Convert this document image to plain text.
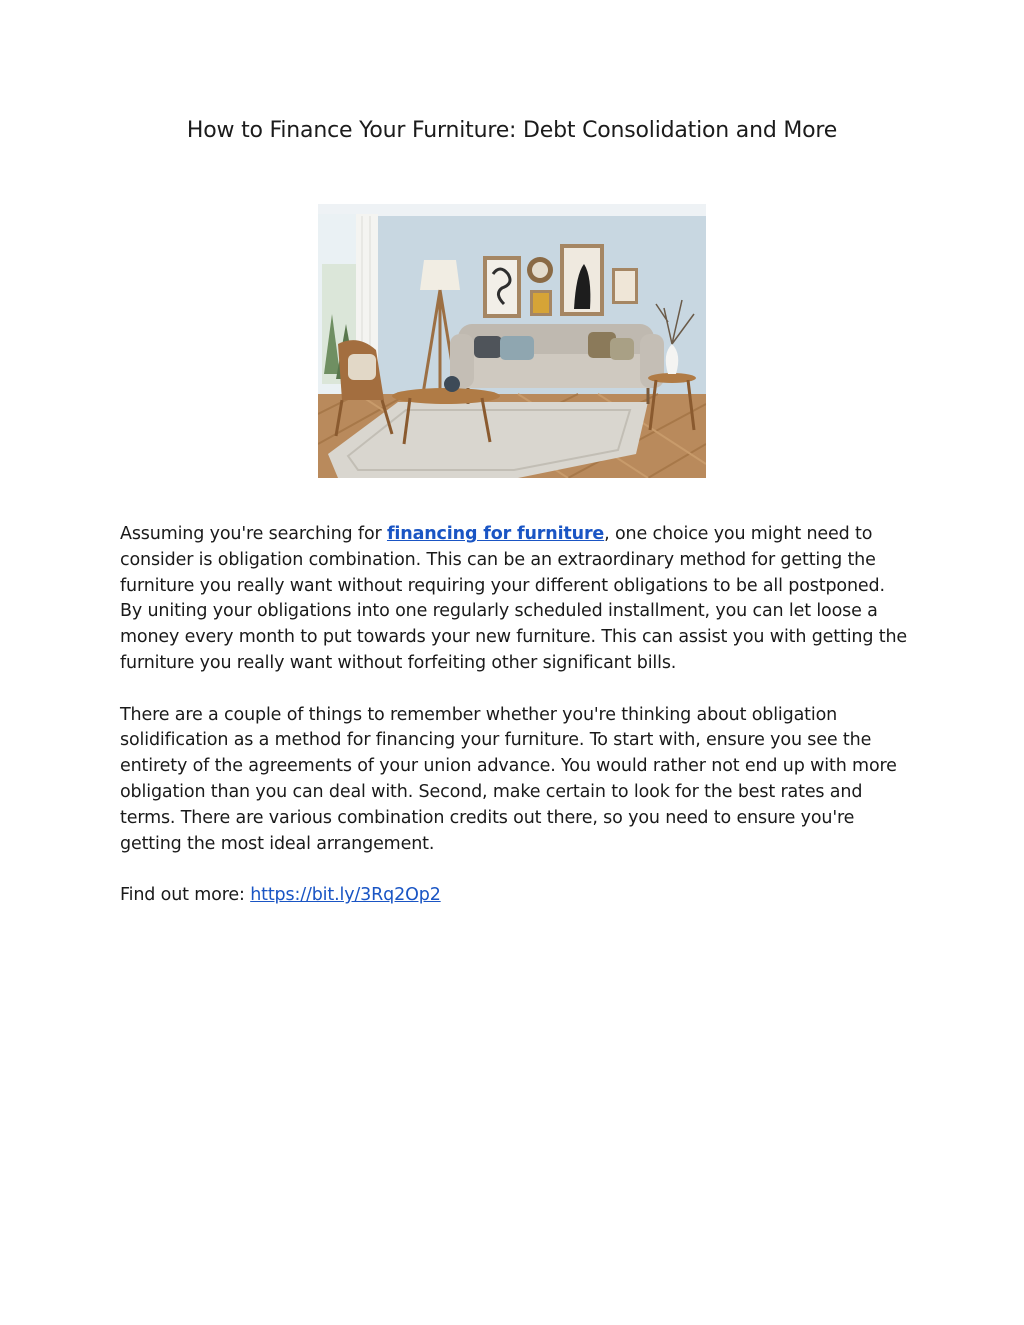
How to Finance Your Furniture: Debt Consolidation and More

Assuming you're searching for financing for furniture, one choice you might need to consider is obligation combination. This can be an extraordinary method for getting the furniture you really want without requiring your different obligations to be all postponed. By uniting your obligations into one regularly scheduled installment, you can let loose a money every month to put towards your new furniture. This can assist you with getting the furniture you really want without forfeiting other significant bills.

There are a couple of things to remember whether you're thinking about obligation solidification as a method for financing your furniture. To start with, ensure you see the entirety of the agreements of your union advance. You would rather not end up with more obligation than you can deal with. Second, make certain to look for the best rates and terms. There are various combination credits out there, so you need to ensure you're getting the most ideal arrangement.

Find out more: https://bit.ly/3Rq2Op2
